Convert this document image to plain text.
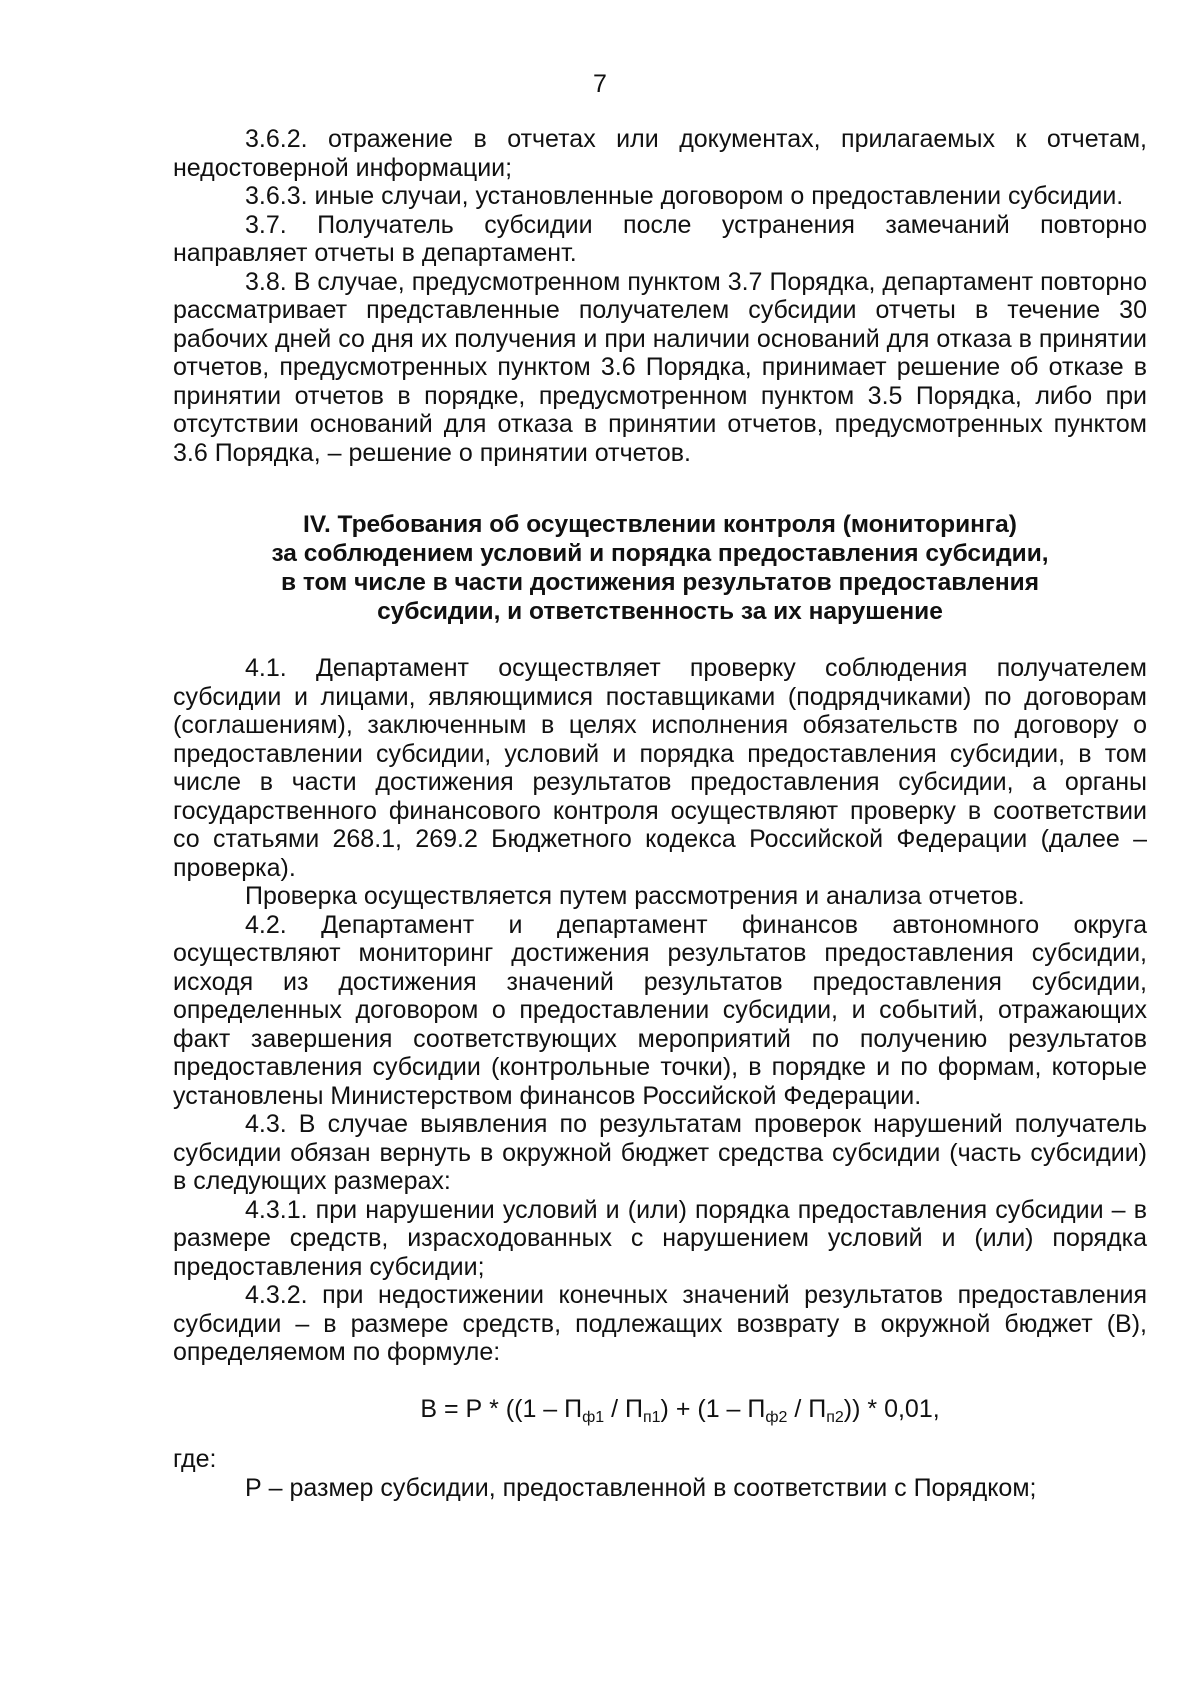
7

3.6.2. отражение в отчетах или документах, прилагаемых к отчетам, недостоверной информации;

3.6.3. иные случаи, установленные договором о предоставлении субсидии.

3.7. Получатель субсидии после устранения замечаний повторно направляет отчеты в департамент.

3.8. В случае, предусмотренном пунктом 3.7 Порядка, департамент повторно рассматривает представленные получателем субсидии отчеты в течение 30 рабочих дней со дня их получения и при наличии оснований для отказа в принятии отчетов, предусмотренных пунктом 3.6 Порядка, принимает решение об отказе в принятии отчетов в порядке, предусмотренном пунктом 3.5 Порядка, либо при отсутствии оснований для отказа в принятии отчетов, предусмотренных пунктом 3.6 Порядка, – решение о принятии отчетов.

IV. Требования об осуществлении контроля (мониторинга)
за соблюдением условий и порядка предоставления субсидии,
в том числе в части достижения результатов предоставления
субсидии, и ответственность за их нарушение

4.1. Департамент осуществляет проверку соблюдения получателем субсидии и лицами, являющимися поставщиками (подрядчиками) по договорам (соглашениям), заключенным в целях исполнения обязательств по договору о предоставлении субсидии, условий и порядка предоставления субсидии, в том числе в части достижения результатов предоставления субсидии, а органы государственного финансового контроля осуществляют проверку в соответствии со статьями 268.1, 269.2 Бюджетного кодекса Российской Федерации (далее – проверка).

Проверка осуществляется путем рассмотрения и анализа отчетов.

4.2. Департамент и департамент финансов автономного округа осуществляют мониторинг достижения результатов предоставления субсидии, исходя из достижения значений результатов предоставления субсидии, определенных договором о предоставлении субсидии, и событий, отражающих факт завершения соответствующих мероприятий по получению результатов предоставления субсидии (контрольные точки), в порядке и по формам, которые установлены Министерством финансов Российской Федерации.

4.3. В случае выявления по результатам проверок нарушений получатель субсидии обязан вернуть в окружной бюджет средства субсидии (часть субсидии) в следующих размерах:

4.3.1. при нарушении условий и (или) порядка предоставления субсидии – в размере средств, израсходованных с нарушением условий и (или) порядка предоставления субсидии;

4.3.2. при недостижении конечных значений результатов предоставления субсидии – в размере средств, подлежащих возврату в окружной бюджет (В), определяемом по формуле:

$В = Р * ((1 - П_{ф1} / П_{п1}) + (1 - П_{ф2} / П_{п2})) * 0,01$,

где:

Р – размер субсидии, предоставленной в соответствии с Порядком;
